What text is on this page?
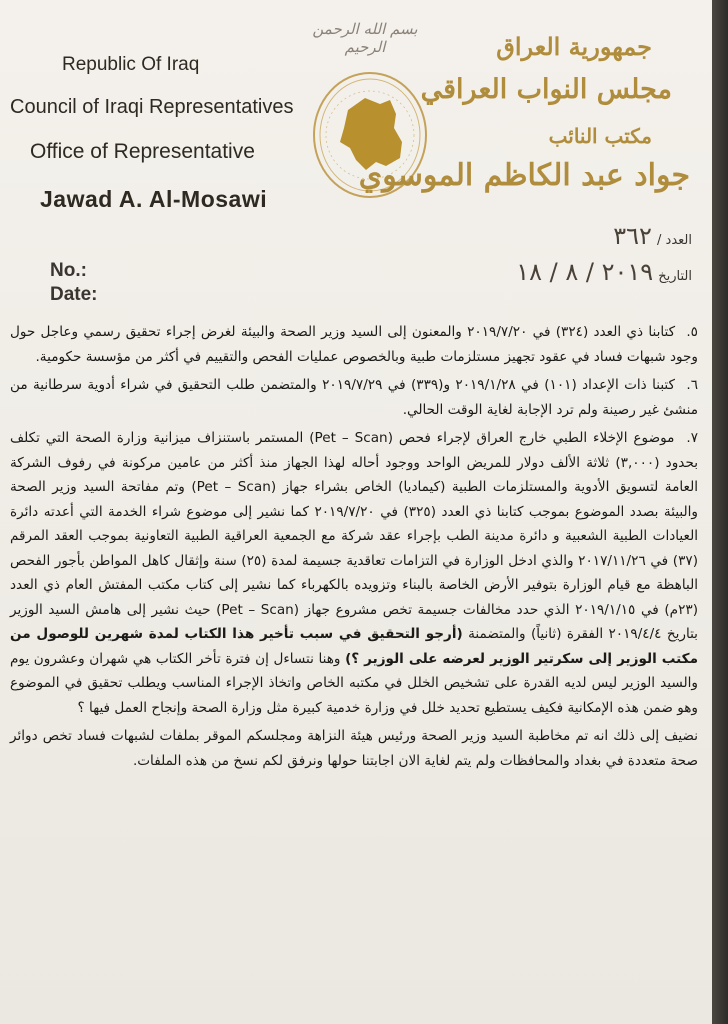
Republic Of Iraq
Council of Iraqi Representatives
Office of Representative
Jawad A. Al-Mosawi
بسم الله الرحمن الرحيم	جمهورية العراق
مجلس النواب العراقي
مكتب النائب
جواد عبد الكاظم الموسوي
العدد / ٣٦٢
التاريخ ٢٠١٩ / ٨ / ١٨
No.:
Date:

٥. كتابنا ذي العدد (٣٢٤) في ٢٠١٩/٧/٢٠ والمعنون إلى السيد وزير الصحة والبيئة لغرض إجراء تحقيق رسمي وعاجل حول وجود شبهات فساد في عقود تجهيز مستلزمات طبية وبالخصوص عمليات الفحص والتقييم في أكثر من مؤسسة حكومية.

٦. كتبنا ذات الإعداد (١٠١) في ٢٠١٩/١/٢٨ و(٣٣٩) في ٢٠١٩/٧/٢٩ والمتضمن طلب التحقيق في شراء أدوية سرطانية من منشئ غير رصينة ولم ترد الإجابة لغاية الوقت الحالي.

٧. موضوع الإخلاء الطبي خارج العراق لإجراء فحص (Pet – Scan) المستمر باستنزاف ميزانية وزارة الصحة التي تكلف بحدود (٣,٠٠٠) ثلاثة الألف دولار للمريض الواحد ووجود أحاله لهذا الجهاز منذ أكثر من عامين مركونة في رفوف الشركة العامة لتسويق الأدوية والمستلزمات الطبية (كيماديا) الخاص بشراء جهاز (Pet – Scan) وتم مفاتحة السيد وزير الصحة والبيئة بصدد الموضوع بموجب كتابنا ذي العدد (٣٢٥) في ٢٠١٩/٧/٢٠ كما نشير إلى موضوع شراء الخدمة التي أعدته دائرة العيادات الطبية الشعبية و دائرة مدينة الطب بإجراء عقد شركة مع الجمعية العراقية الطبية التعاونية بموجب العقد المرقم (٣٧) في ٢٠١٧/١١/٢٦ والذي ادخل الوزارة في التزامات تعاقدية جسيمة لمدة (٢٥) سنة وإثقال كاهل المواطن بأجور الفحص الباهظة مع قيام الوزارة بتوفير الأرض الخاصة بالبناء وتزويده بالكهرباء كما نشير إلى كتاب مكتب المفتش العام ذي العدد (٢٣م) في ٢٠١٩/١/١٥ الذي حدد مخالفات جسيمة تخص مشروع جهاز (Pet – Scan) حيث نشير إلى هامش السيد الوزير بتاريخ ٢٠١٩/٤/٤ الفقرة (ثانياً) والمتضمنة (أرجو التحقيق في سبب تأخير هذا الكتاب لمدة شهرين للوصول من مكتب الوزير إلى سكرتير الوزير لعرضه على الوزير ؟) وهنا نتساءل إن فترة تأخر الكتاب هي شهران وعشرون يوم والسيد الوزير ليس لديه القدرة على تشخيص الخلل في مكتبه الخاص واتخاذ الإجراء المناسب ويطلب تحقيق في الموضوع وهو ضمن هذه الإمكانية فكيف يستطيع تحديد خلل في وزارة خدمية كبيرة مثل وزارة الصحة وإنجاح العمل فيها ؟

نضيف إلى ذلك انه تم مخاطبة السيد وزير الصحة ورئيس هيئة النزاهة ومجلسكم الموقر بملفات لشبهات فساد تخص دوائر صحة متعددة في بغداد والمحافظات ولم يتم لغاية الان اجابتنا حولها ونرفق لكم نسخ من هذه الملفات.
